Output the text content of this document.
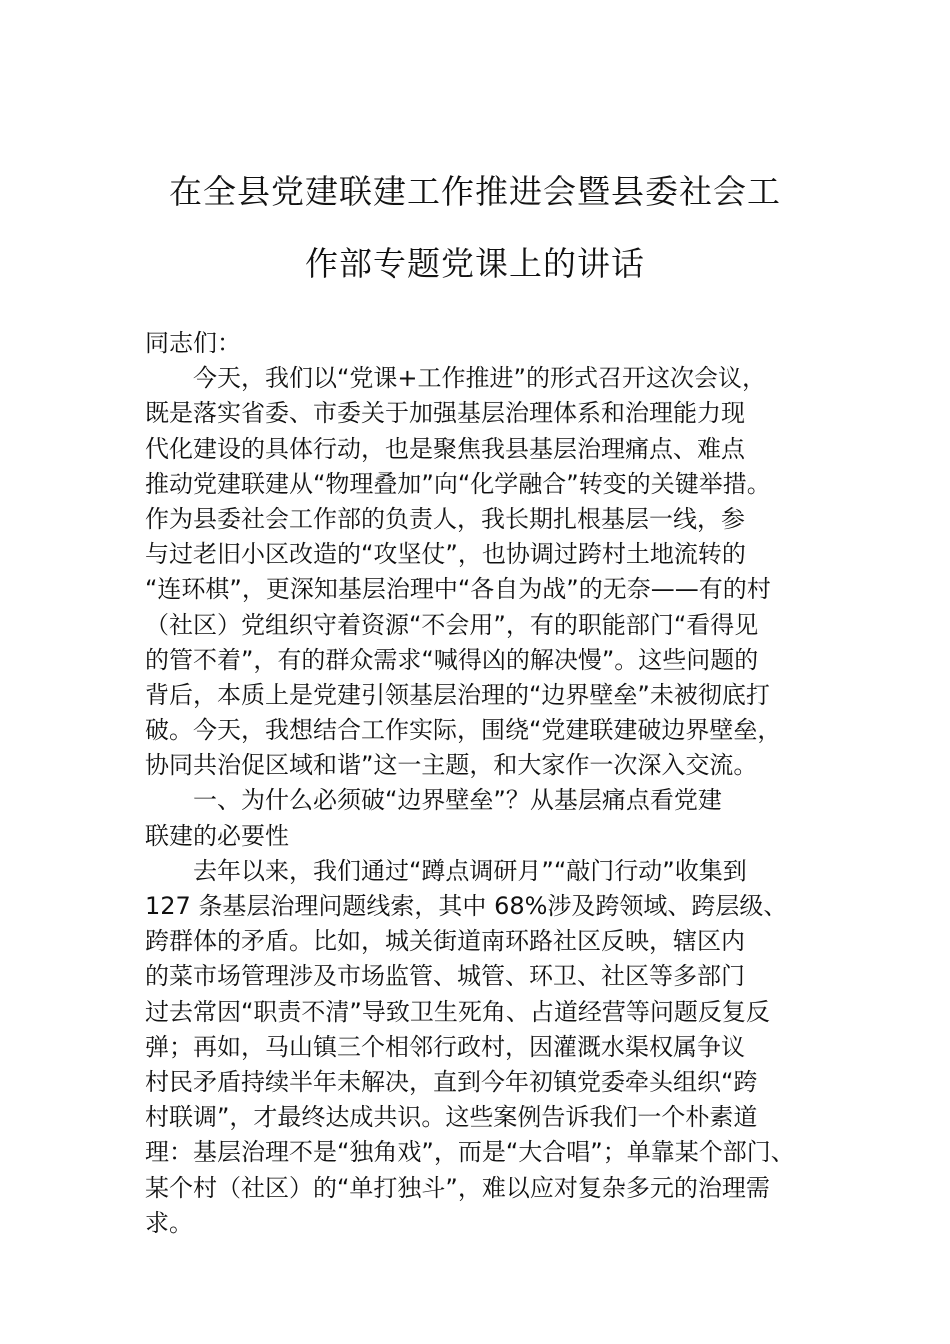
在全县党建联建工作推进会暨县委社会工
作部专题党课上的讲话
同志们：
今天，我们以“党课+工作推进”的形式召开这次会议，
既是落实省委、市委关于加强基层治理体系和治理能力现
代化建设的具体行动，也是聚焦我县基层治理痛点、难点
推动党建联建从“物理叠加”向“化学融合”转变的关键举措。
作为县委社会工作部的负责人，我长期扎根基层一线，参
与过老旧小区改造的“攻坚仗”，也协调过跨村土地流转的
“连环棋”，更深知基层治理中“各自为战”的无奈——有的村
（社区）党组织守着资源“不会用”，有的职能部门“看得见
的管不着”，有的群众需求“喊得凶的解决慢”。这些问题的
背后，本质上是党建引领基层治理的“边界壁垒”未被彻底打
破。今天，我想结合工作实际，围绕“党建联建破边界壁垒，
协同共治促区域和谐”这一主题，和大家作一次深入交流。
一、为什么必须破“边界壁垒”？从基层痛点看党建
联建的必要性
去年以来，我们通过“蹲点调研月”“敲门行动”收集到
127 条基层治理问题线索，其中 68%涉及跨领域、跨层级、
跨群体的矛盾。比如，城关街道南环路社区反映，辖区内
的菜市场管理涉及市场监管、城管、环卫、社区等多部门
过去常因“职责不清”导致卫生死角、占道经营等问题反复反
弹；再如，马山镇三个相邻行政村，因灌溉水渠权属争议
村民矛盾持续半年未解决，直到今年初镇党委牵头组织“跨
村联调”，才最终达成共识。这些案例告诉我们一个朴素道
理：基层治理不是“独角戏”，而是“大合唱”；单靠某个部门、
某个村（社区）的“单打独斗”，难以应对复杂多元的治理需
求。
